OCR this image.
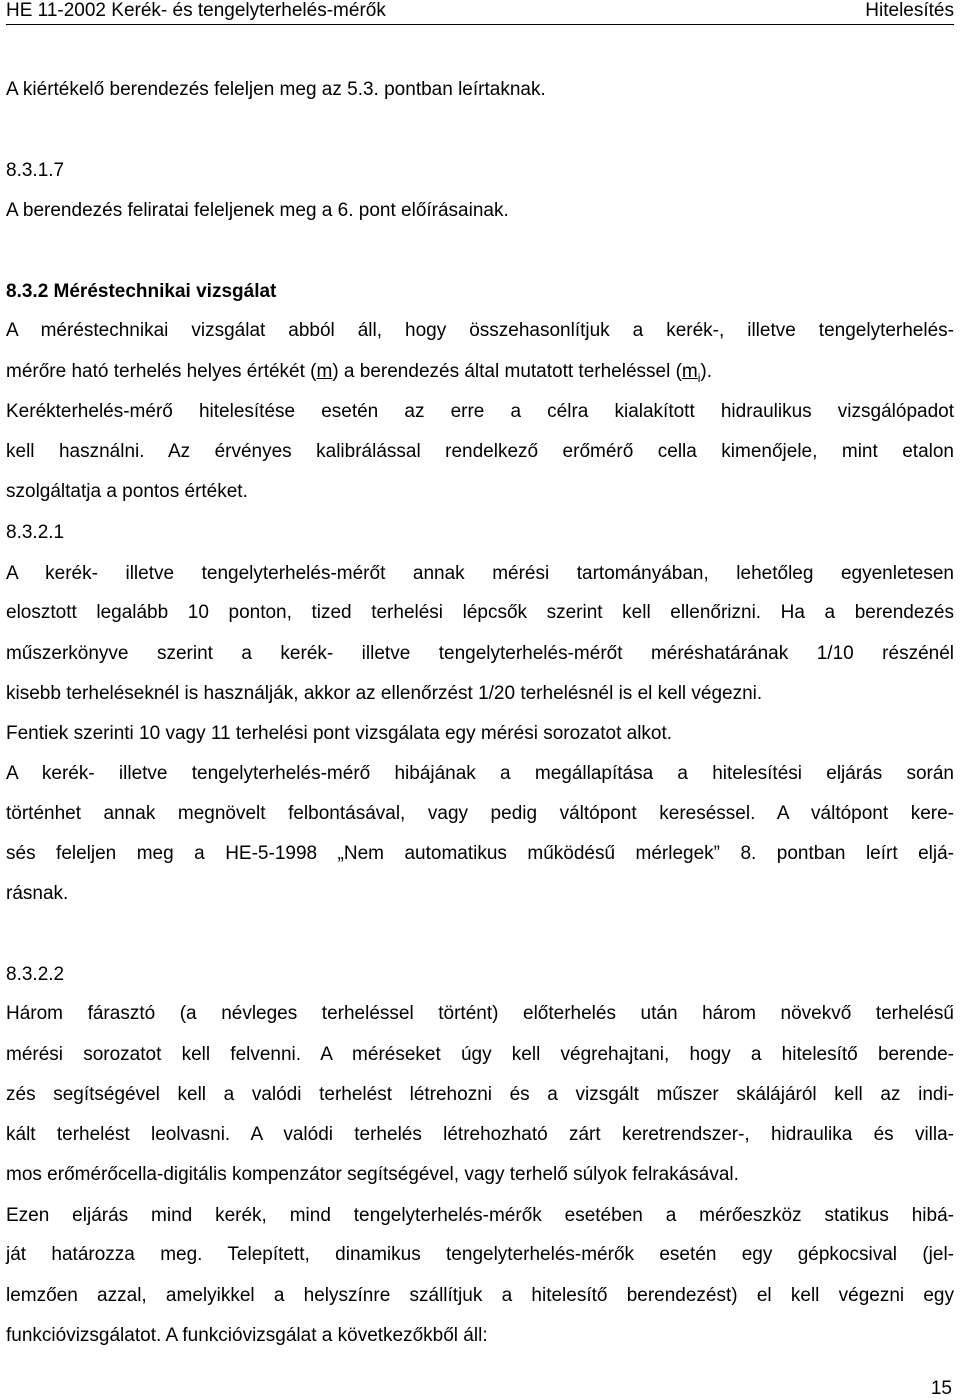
HE 11-2002 Kerék- és tengelyterhelés-mérők	Hitelesítés
A kiértékelő berendezés feleljen meg az 5.3. pontban leírtaknak.
8.3.1.7
A berendezés feliratai feleljenek meg a 6. pont előírásainak.
8.3.2 Méréstechnikai vizsgálat
A méréstechnikai vizsgálat abból áll, hogy összehasonlítjuk a kerék-, illetve tengelyterhelés-
mérőre ható terhelés helyes értékét (m) a berendezés által mutatott terheléssel $(m_i)$.
Kerékterhelés-mérő hitelesítése esetén az erre a célra kialakított hidraulikus vizsgálópadot
kell használni. Az érvényes kalibrálással rendelkező erőmérő cella kimenőjele, mint etalon
szolgáltatja a pontos értéket.
8.3.2.1
A kerék- illetve tengelyterhelés-mérőt annak mérési tartományában, lehetőleg egyenletesen
elosztott legalább 10 ponton, tized terhelési lépcsők szerint kell ellenőrizni. Ha a berendezés
műszerkönyve szerint a kerék- illetve tengelyterhelés-mérőt méréshatárának 1/10 részénél
kisebb terheléseknél is használják, akkor az ellenőrzést 1/20 terhelésnél is el kell végezni.
Fentiek szerinti 10 vagy 11 terhelési pont vizsgálata egy mérési sorozatot alkot.
A kerék- illetve tengelyterhelés-mérő hibájának a megállapítása a hitelesítési eljárás során
történhet annak megnövelt felbontásával, vagy pedig váltópont kereséssel. A váltópont kere-
sés feleljen meg a HE-5-1998 „Nem automatikus működésű mérlegek” 8. pontban leírt eljá-
rásnak.
8.3.2.2
Három fárasztó (a névleges terheléssel történt) előterhelés után három növekvő terhelésű
mérési sorozatot kell felvenni. A méréseket úgy kell végrehajtani, hogy a hitelesítő berende-
zés segítségével kell a valódi terhelést létrehozni és a vizsgált műszer skálájáról kell az indi-
kált terhelést leolvasni. A valódi terhelés létrehozható zárt keretrendszer-, hidraulika és villa-
mos erőmérőcella-digitális kompenzátor segítségével, vagy terhelő súlyok felrakásával.
Ezen eljárás mind kerék, mind tengelyterhelés-mérők esetében a mérőeszköz statikus hibá-
ját határozza meg. Telepített, dinamikus tengelyterhelés-mérők esetén egy gépkocsival (jel-
lemzően azzal, amelyikkel a helyszínre szállítjuk a hitelesítő berendezést) el kell végezni egy
funkcióvizsgálatot. A funkcióvizsgálat a következőkből áll:
15
